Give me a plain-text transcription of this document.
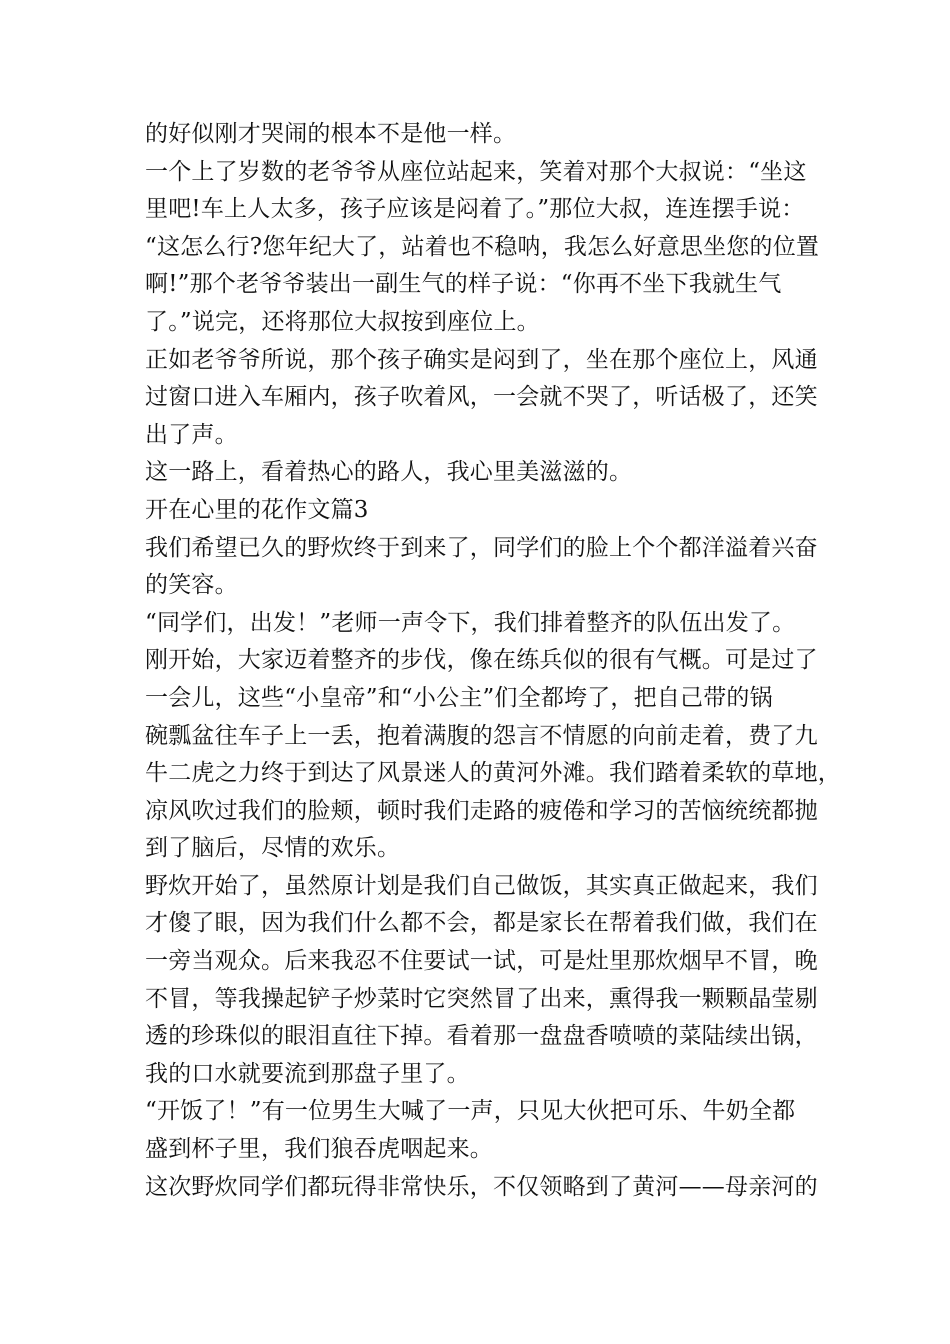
的好似刚才哭闹的根本不是他一样。
一个上了岁数的老爷爷从座位站起来，笑着对那个大叔说：“坐这
里吧!车上人太多，孩子应该是闷着了。”那位大叔，连连摆手说：
“这怎么行?您年纪大了，站着也不稳呐，我怎么好意思坐您的位置
啊!”那个老爷爷装出一副生气的样子说：“你再不坐下我就生气
了。”说完，还将那位大叔按到座位上。
正如老爷爷所说，那个孩子确实是闷到了，坐在那个座位上，风通
过窗口进入车厢内，孩子吹着风，一会就不哭了，听话极了，还笑
出了声。
这一路上，看着热心的路人，我心里美滋滋的。
开在心里的花作文篇3
我们希望已久的野炊终于到来了，同学们的脸上个个都洋溢着兴奋
的笑容。
“同学们，出发！”老师一声令下，我们排着整齐的队伍出发了。
刚开始，大家迈着整齐的步伐，像在练兵似的很有气概。可是过了
一会儿，这些“小皇帝”和“小公主”们全都垮了，把自己带的锅
碗瓢盆往车子上一丢，抱着满腹的怨言不情愿的向前走着，费了九
牛二虎之力终于到达了风景迷人的黄河外滩。我们踏着柔软的草地，
凉风吹过我们的脸颊，顿时我们走路的疲倦和学习的苦恼统统都抛
到了脑后，尽情的欢乐。
野炊开始了，虽然原计划是我们自己做饭，其实真正做起来，我们
才傻了眼，因为我们什么都不会，都是家长在帮着我们做，我们在
一旁当观众。后来我忍不住要试一试，可是灶里那炊烟早不冒，晚
不冒，等我操起铲子炒菜时它突然冒了出来，熏得我一颗颗晶莹剔
透的珍珠似的眼泪直往下掉。看着那一盘盘香喷喷的菜陆续出锅，
我的口水就要流到那盘子里了。
“开饭了！”有一位男生大喊了一声，只见大伙把可乐、牛奶全都
盛到杯子里，我们狼吞虎咽起来。
这次野炊同学们都玩得非常快乐，不仅领略到了黄河——母亲河的
